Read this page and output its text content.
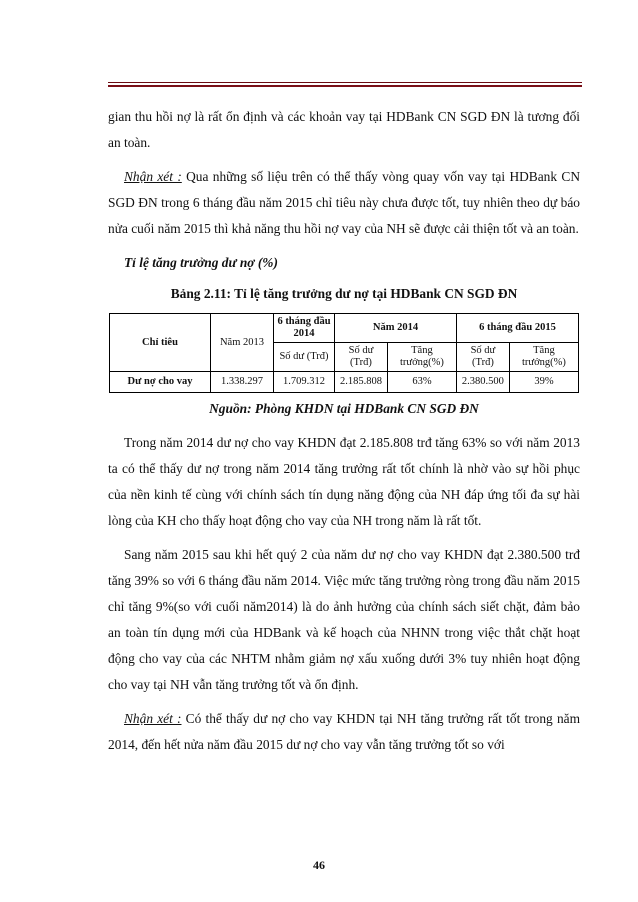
gian thu hồi nợ là rất ổn định và các khoản vay tại HDBank CN SGD ĐN là tương đối an toàn.

Nhận xét : Qua những số liệu trên có thể thấy vòng quay vốn vay tại HDBank CN SGD ĐN trong 6 tháng đầu năm 2015 chỉ tiêu này chưa được tốt, tuy nhiên theo dự báo nửa cuối năm 2015 thì khả năng thu hồi nợ vay của NH sẽ được cải thiện tốt và an toàn.

Tỉ lệ tăng trưởng dư nợ (%)

Bảng 2.11: Tỉ lệ tăng trưởng dư nợ tại HDBank CN SGD ĐN

Chỉ tiêu	Năm 2013	6 tháng đầu 2014	Năm 2014		6 tháng đầu 2015	
		Số dư (Trđ)	Số dư (Trđ)	Tăng trưởng(%)	Số dư (Trđ)	Tăng trưởng(%)
Dư nợ cho vay	1.338.297	1.709.312	2.185.808	63%	2.380.500	39%

Nguồn: Phòng KHDN tại HDBank CN SGD ĐN

Trong năm 2014 dư nợ cho vay KHDN đạt 2.185.808 trđ tăng 63% so với năm 2013 ta có thể thấy dư nợ trong năm 2014 tăng trưởng rất tốt chính là nhờ vào sự hồi phục của nền kinh tế cùng với chính sách tín dụng năng động của NH đáp ứng tối đa sự hài lòng của KH cho thấy hoạt động cho vay của NH trong năm là rất tốt.

Sang năm 2015 sau khi hết quý 2 của năm dư nợ cho vay KHDN đạt 2.380.500 trđ tăng 39% so với 6 tháng đầu năm 2014. Việc mức tăng trưởng ròng trong đầu năm 2015 chỉ tăng 9%(so với cuối năm2014) là do ảnh hưởng của chính sách siết chặt, đảm bảo an toàn tín dụng mới của HDBank và kế hoạch của NHNN trong việc thắt chặt hoạt động cho vay của các NHTM nhằm giảm nợ xấu xuống dưới 3% tuy nhiên hoạt động cho vay tại NH vẫn tăng trưởng tốt và ổn định.

Nhận xét : Có thể thấy dư nợ cho vay KHDN tại NH tăng trưởng rất tốt trong năm 2014, đến hết nửa năm đầu 2015 dư nợ cho vay vẫn tăng trưởng tốt so với

46
